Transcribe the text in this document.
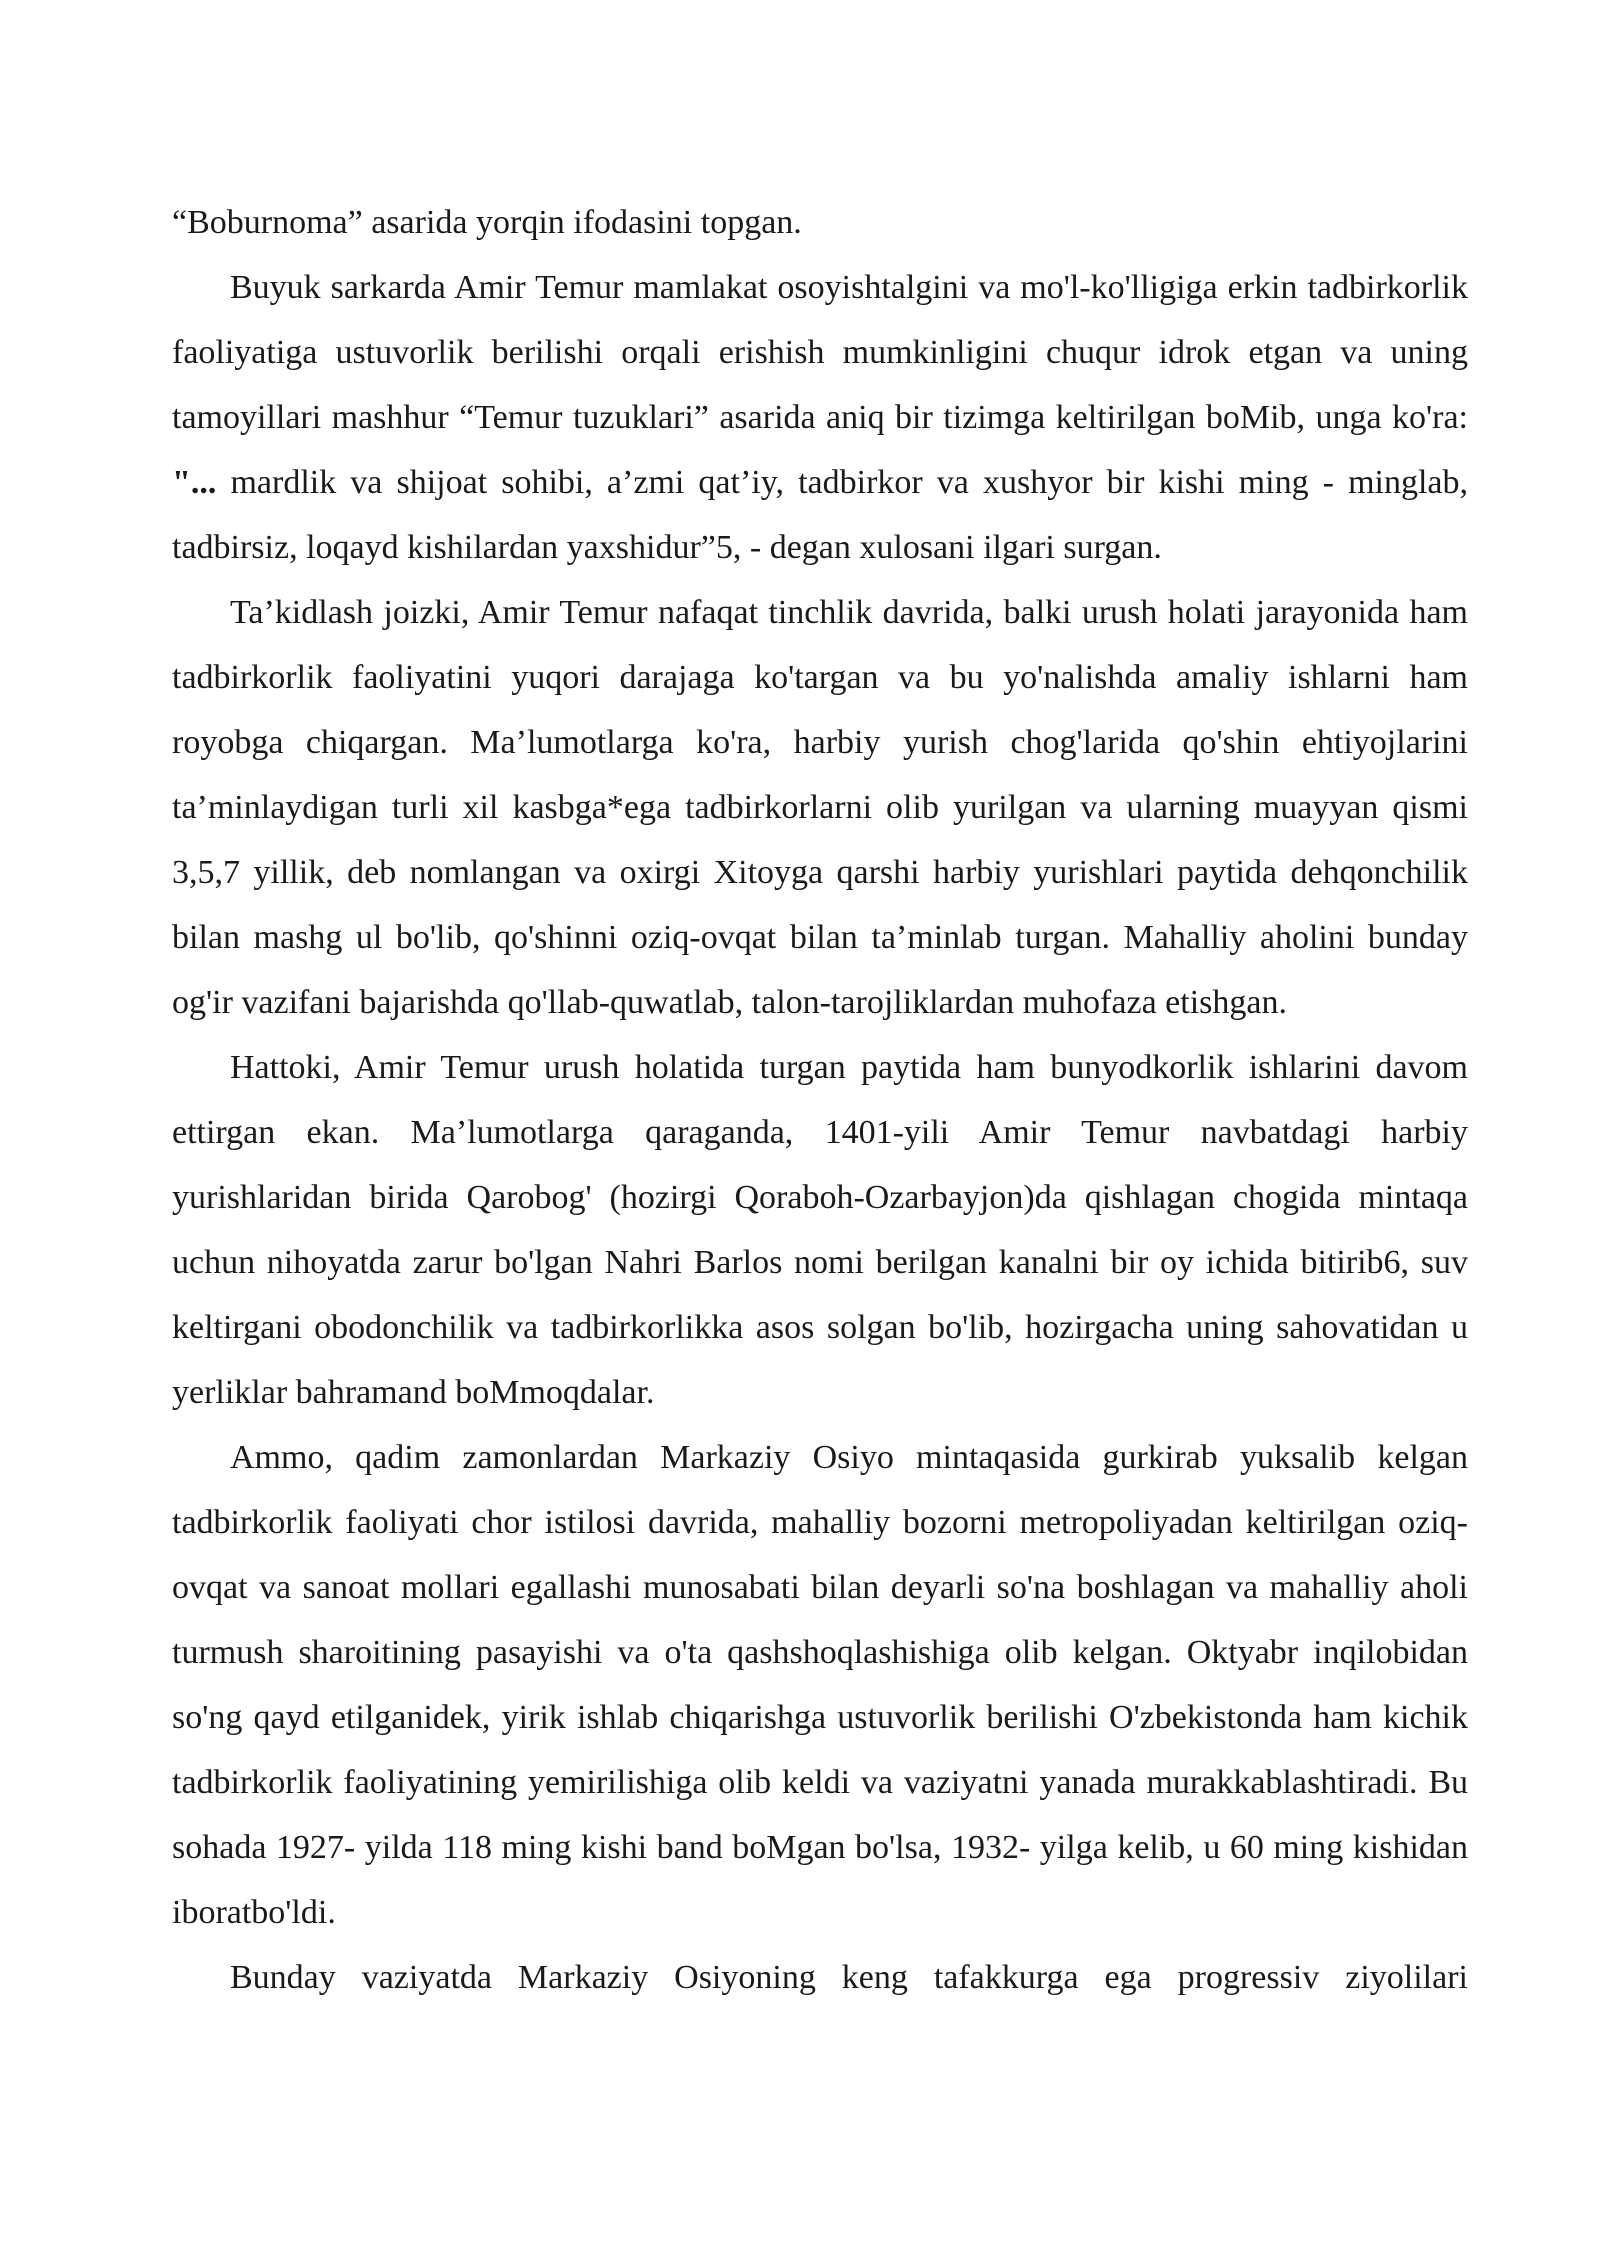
“Boburnoma” asarida yorqin ifodasini topgan.

Buyuk sarkarda Amir Temur mamlakat osoyishtalgini va mo'l-ko'lligiga erkin tadbirkorlik faoliyatiga ustuvorlik berilishi orqali erishish mumkinligini chuqur idrok etgan va uning tamoyillari mashhur “Temur tuzuklari” asarida aniq bir tizimga keltirilgan boMib, unga ko'ra: "... mardlik va shijoat sohibi, a’zmi qat’iy, tadbirkor va xushyor bir kishi ming - minglab, tadbirsiz, loqayd kishilardan yaxshidur”5, - degan xulosani ilgari surgan.

Ta’kidlash joizki, Amir Temur nafaqat tinchlik davrida, balki urush holati jarayonida ham tadbirkorlik faoliyatini yuqori darajaga ko'targan va bu yo'nalishda amaliy ishlarni ham royobga chiqargan. Ma’lumotlarga ko'ra, harbiy yurish chog'larida qo'shin ehtiyojlarini ta’minlaydigan turli xil kasbga*ega tadbirkorlarni olib yurilgan va ularning muayyan qismi 3,5,7 yillik, deb nomlangan va oxirgi Xitoyga qarshi harbiy yurishlari paytida dehqonchilik bilan mashg ul bo'lib, qo'shinni oziq-ovqat bilan ta’minlab turgan. Mahalliy aholini bunday og'ir vazifani bajarishda qo'llab-quwatlab, talon-tarojliklardan muhofaza etishgan.

Hattoki, Amir Temur urush holatida turgan paytida ham bunyodkorlik ishlarini davom ettirgan ekan. Ma’lumotlarga qaraganda, 1401-yili Amir Temur navbatdagi harbiy yurishlaridan birida Qarobog' (hozirgi Qoraboh-Ozarbayjon)da qishlagan chogida mintaqa uchun nihoyatda zarur bo'lgan Nahri Barlos nomi berilgan kanalni bir oy ichida bitirib6, suv keltirgani obodonchilik va tadbirkorlikka asos solgan bo'lib, hozirgacha uning sahovatidan u yerliklar bahramand boMmoqdalar.

Ammo, qadim zamonlardan Markaziy Osiyo mintaqasida gurkirab yuksalib kelgan tadbirkorlik faoliyati chor istilosi davrida, mahalliy bozorni metropoliyadan keltirilgan oziq-ovqat va sanoat mollari egallashi munosabati bilan deyarli so'na boshlagan va mahalliy aholi turmush sharoitining pasayishi va o'ta qashshoqlashishiga olib kelgan. Oktyabr inqilobidan so'ng qayd etilganidek, yirik ishlab chiqarishga ustuvorlik berilishi O'zbekistonda ham kichik tadbirkorlik faoliyatining yemirilishiga olib keldi va vaziyatni yanada murakkablashtiradi. Bu sohada 1927- yilda 118 ming kishi band boMgan bo'lsa, 1932- yilga kelib, u 60 ming kishidan iboratbo'ldi.

Bunday vaziyatda Markaziy Osiyoning keng tafakkurga ega progressiv ziyolilari
